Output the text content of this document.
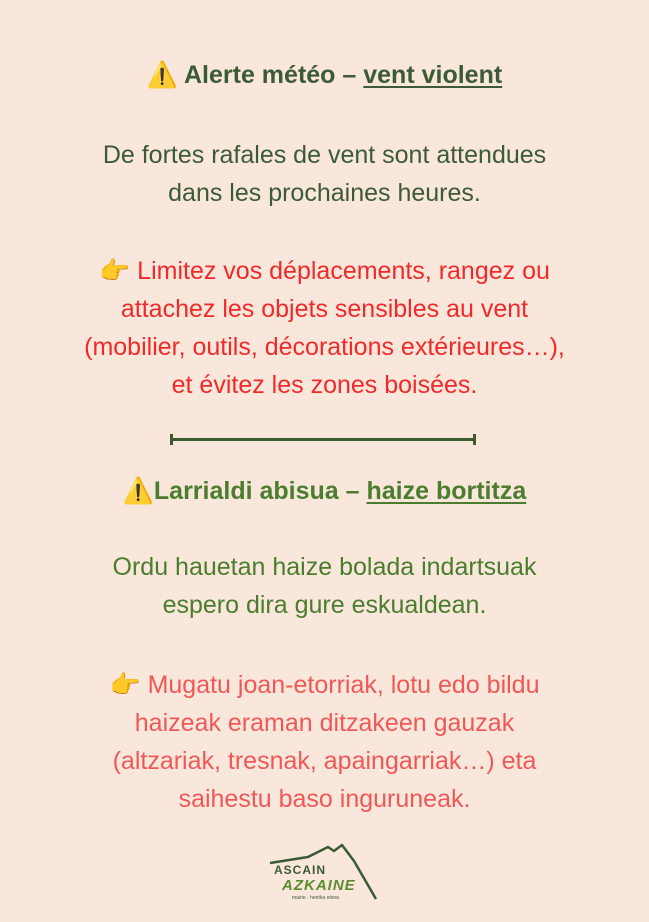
⚠️ Alerte météo – vent violent
De fortes rafales de vent sont attendues
dans les prochaines heures.
👉 Limitez vos déplacements, rangez ou
attachez les objets sensibles au vent
(mobilier, outils, décorations extérieures…),
et évitez les zones boisées.
⚠️Larrialdi abisua – haize bortitza
Ordu hauetan haize bolada indartsuak
espero dira gure eskualdean.
👉 Mugatu joan-etorriak, lotu edo bildu
haizeak eraman ditzakeen gauzak
(altzariak, tresnak, apaingarriak…) eta
saihestu baso inguruneak.
ASCAIN
AZKAINE
mairie · herriko etxea
